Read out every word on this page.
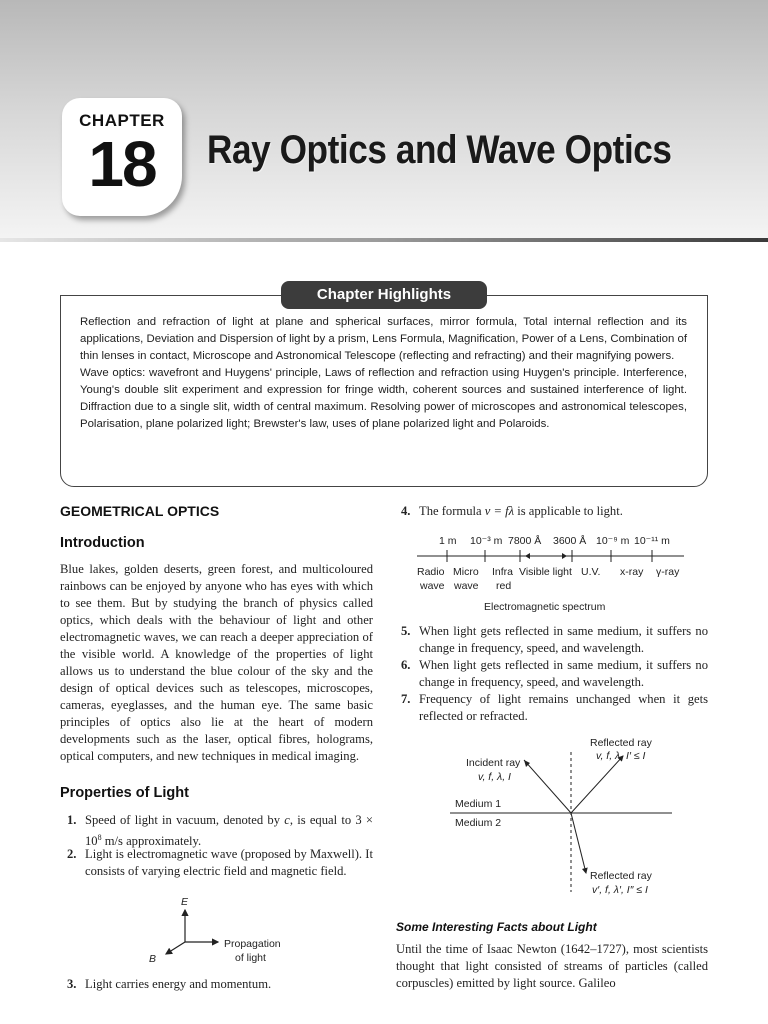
CHAPTER
18	Ray Optics and Wave Optics
Chapter Highlights

Reflection and refraction of light at plane and spherical surfaces, mirror formula, Total internal reflection and its applications, Deviation and Dispersion of light by a prism, Lens Formula, Magnification, Power of a Lens, Combination of thin lenses in contact, Microscope and Astronomical Telescope (reflecting and refracting) and their magnifying powers.

Wave optics: wavefront and Huygens' principle, Laws of reflection and refraction using Huygen's principle. Interference, Young's double slit experiment and expression for fringe width, coherent sources and sustained interference of light. Diffraction due to a single slit, width of central maximum. Resolving power of microscopes and astronomical telescopes, Polarisation, plane polarized light; Brewster's law, uses of plane polarized light and Polaroids.

GEOMETRICAL OPTICS
Introduction

Blue lakes, golden deserts, green forest, and multicoloured rainbows can be enjoyed by anyone who has eyes with which to see them. But by studying the branch of physics called optics, which deals with the behaviour of light and other electromagnetic waves, we can reach a deeper appreciation of the visible world. A knowledge of the properties of light allows us to understand the blue colour of the sky and the design of optical devices such as telescopes, microscopes, cameras, eyeglasses, and the human eye. The same basic principles of optics also lie at the heart of modern developments such as the laser, optical fibres, holograms, optical computers, and new techniques in medical imaging.

Properties of Light
1. Speed of light in vacuum, denoted by c, is equal to $3 \times 10^8$ m/s approximately.
2. Light is electromagnetic wave (proposed by Maxwell). It consists of varying electric field and magnetic field.
E
B
Propagation
of light
3. Light carries energy and momentum.
4. The formula v = fλ is applicable to light.
1 m 10⁻³ m 7800 Å 3600 Å 10⁻⁹ m 10⁻¹¹ m
Radio Micro Infra Visible light U.V. x-ray γ-ray
wave wave red
Electromagnetic spectrum
5. When light gets reflected in same medium, it suffers no change in frequency, speed, and wavelength.
6. When light gets reflected in same medium, it suffers no change in frequency, speed, and wavelength.
7. Frequency of light remains unchanged when it gets reflected or refracted.
Incident ray
v, f, λ, I
Reflected ray
v, f, λ, I′ ≤ I
Medium 1
Medium 2
Reflected ray
v′, f, λ′, I″ ≤ I
Some Interesting Facts about Light

Until the time of Isaac Newton (1642–1727), most scientists thought that light consisted of streams of particles (called corpuscles) emitted by light source. Galileo
